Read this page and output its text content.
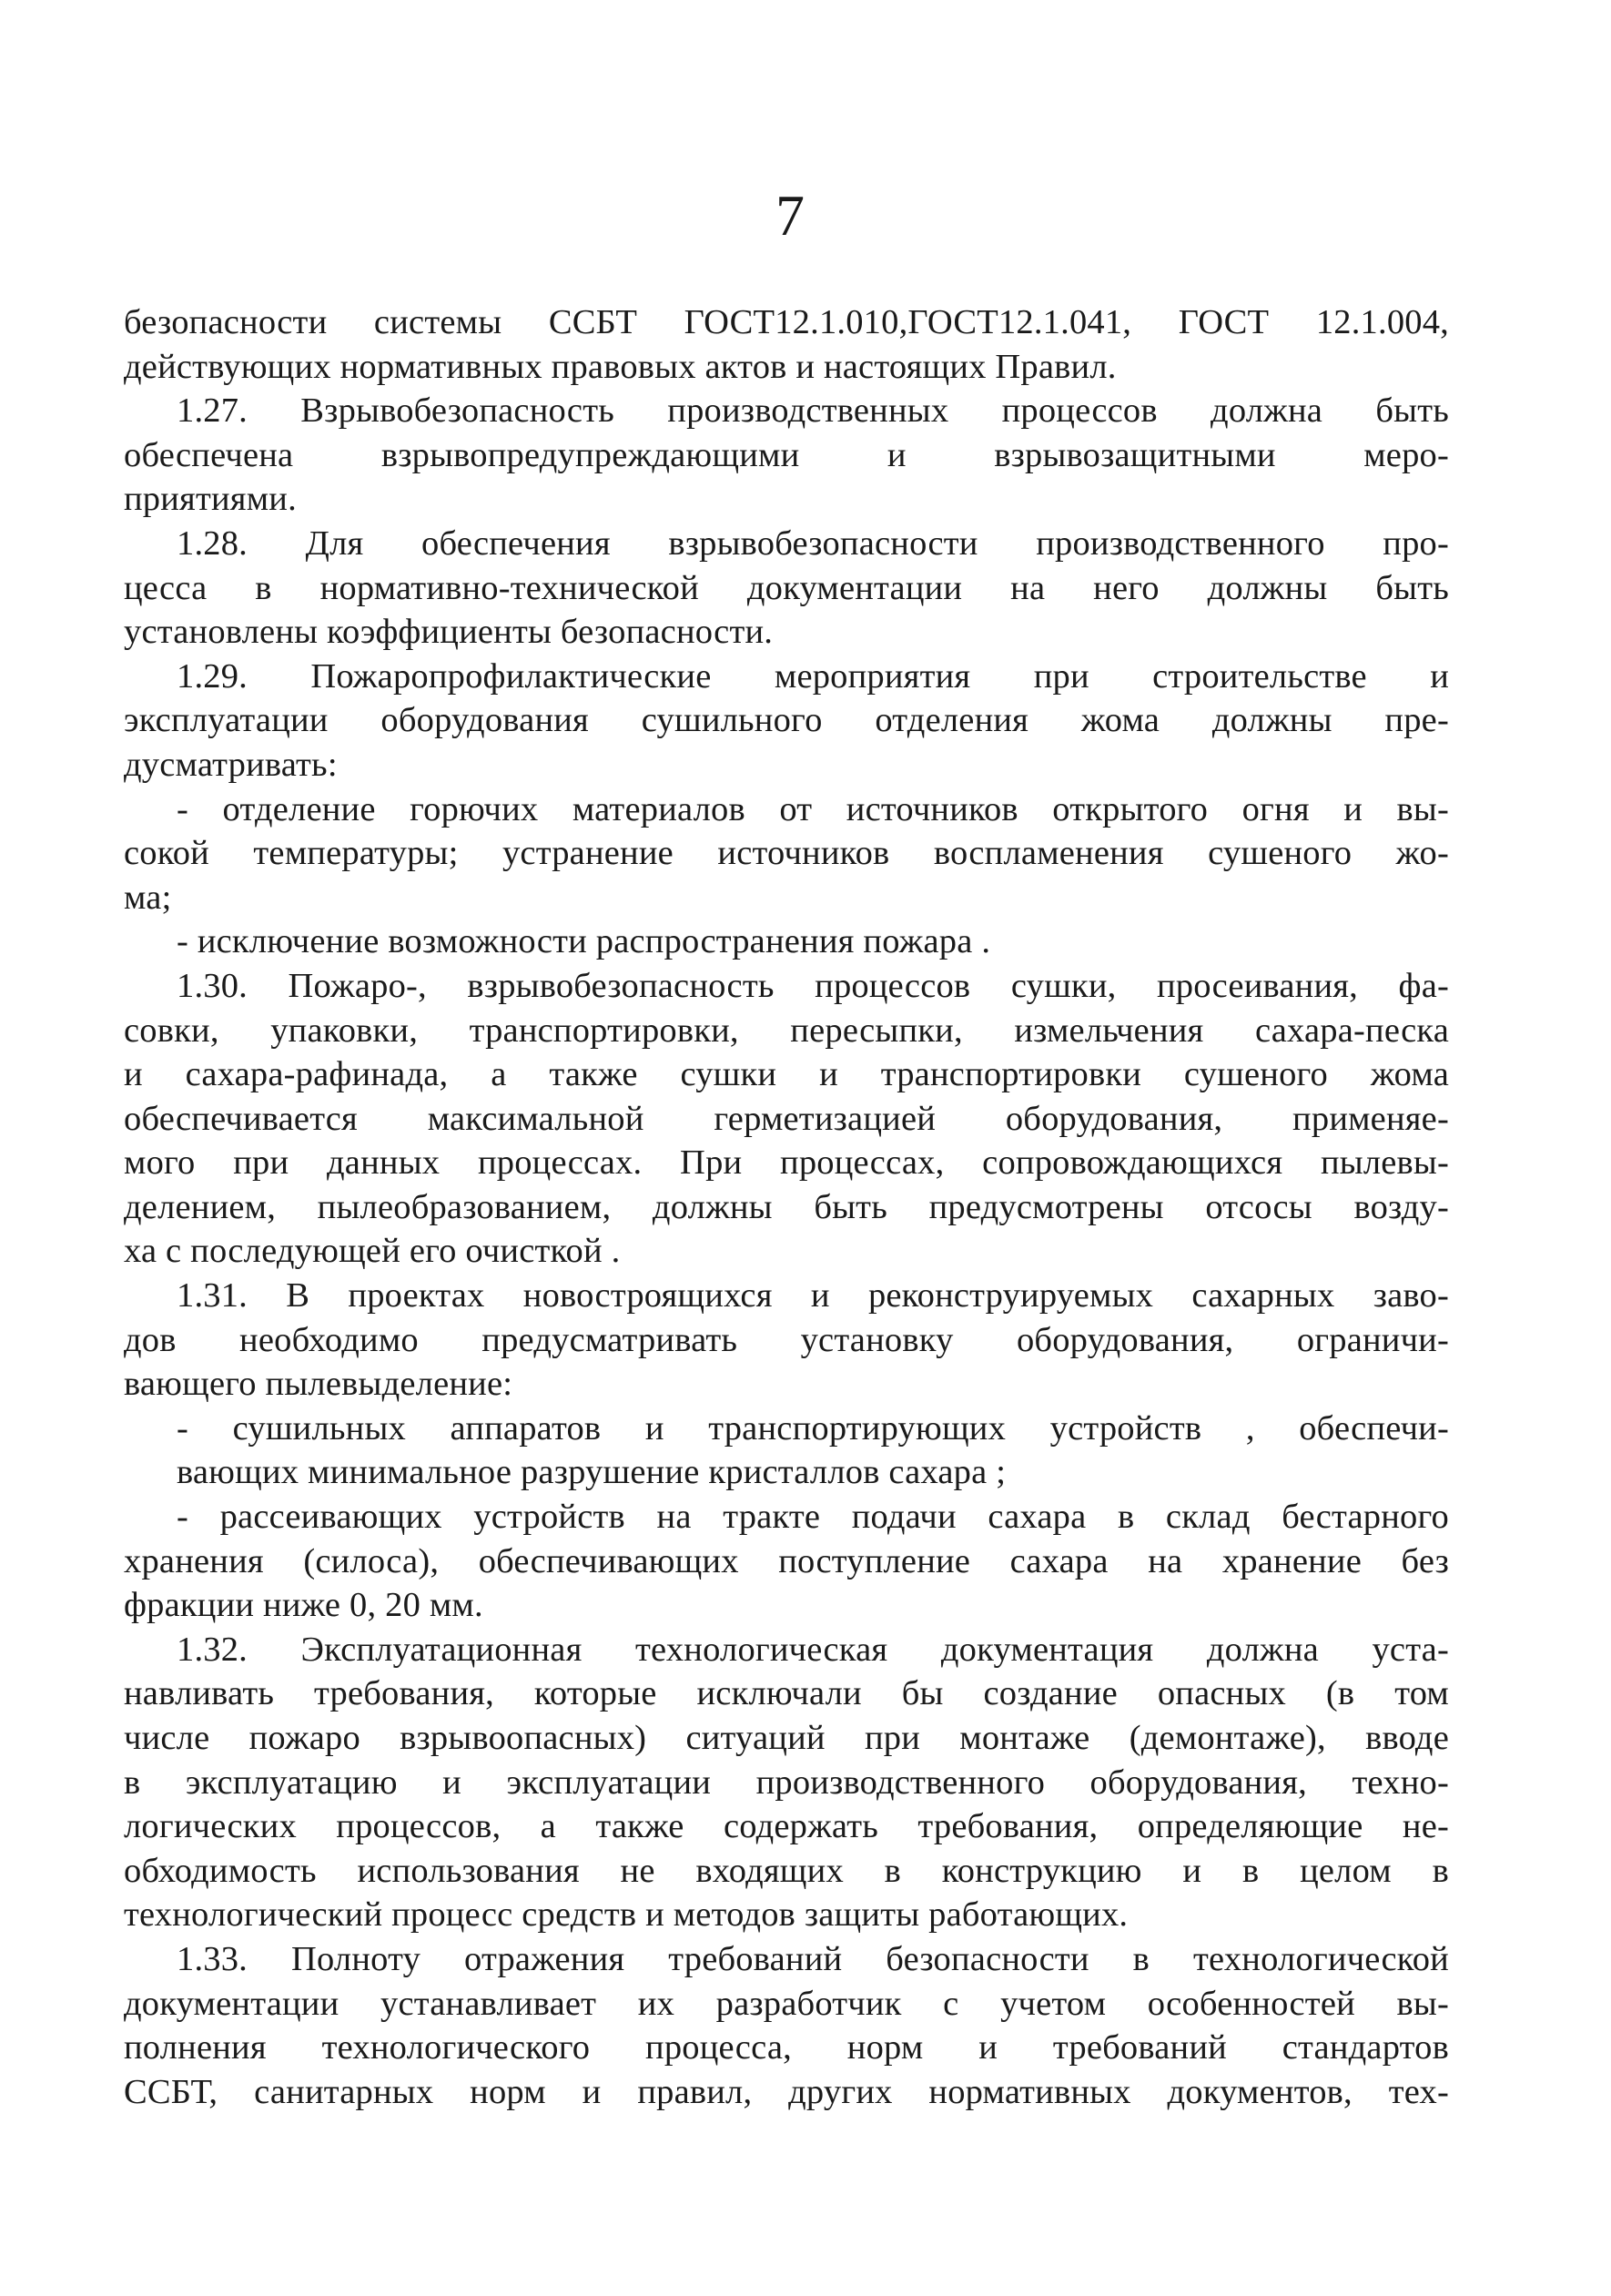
7
безопасности системы ССБТ ГОСТ12.1.010,ГОСТ12.1.041, ГОСТ 12.1.004,
действующих нормативных правовых актов и настоящих Правил.
1.27. Взрывобезопасность производственных процессов должна быть
обеспечена взрывопредупреждающими и взрывозащитными меро-
приятиями.
1.28. Для обеспечения взрывобезопасности производственного про-
цесса в нормативно-технической документации на него должны быть
установлены коэффициенты безопасности.
1.29. Пожаропрофилактические мероприятия при строительстве и
эксплуатации оборудования сушильного отделения жома должны пре-
дусматривать:
- отделение горючих материалов от источников открытого огня и вы-
сокой температуры; устранение источников воспламенения сушеного жо-
ма;
- исключение возможности распространения пожара .
1.30. Пожаро-, взрывобезопасность процессов сушки, просеивания, фа-
совки, упаковки, транспортировки, пересыпки, измельчения сахара-песка
и сахара-рафинада, а также сушки и транспортировки сушеного жома
обеспечивается максимальной герметизацией оборудования, применяе-
мого при данных процессах. При процессах, сопровождающихся пылевы-
делением, пылеобразованием, должны быть предусмотрены отсосы возду-
ха с последующей его очисткой .
1.31. В проектах новостроящихся и реконструируемых сахарных заво-
дов необходимо предусматривать установку оборудования, ограничи-
вающего пылевыделение:
- сушильных аппаратов и транспортирующих устройств , обеспечи-
вающих минимальное разрушение кристаллов сахара ;
- рассеивающих устройств на тракте подачи сахара в склад бестарного
хранения (силоса), обеспечивающих поступление сахара на хранение без
фракции ниже 0, 20 мм.
1.32. Эксплуатационная технологическая документация должна уста-
навливать требования, которые исключали бы создание опасных (в том
числе пожаро взрывоопасных) ситуаций при монтаже (демонтаже), вводе
в эксплуатацию и эксплуатации производственного оборудования, техно-
логических процессов, а также содержать требования, определяющие не-
обходимость использования не входящих в конструкцию и в целом в
технологический процесс средств и методов защиты работающих.
1.33. Полноту отражения требований безопасности в технологической
документации устанавливает их разработчик с учетом особенностей вы-
полнения технологического процесса, норм и требований стандартов
ССБТ, санитарных норм и правил, других нормативных документов, тех-
